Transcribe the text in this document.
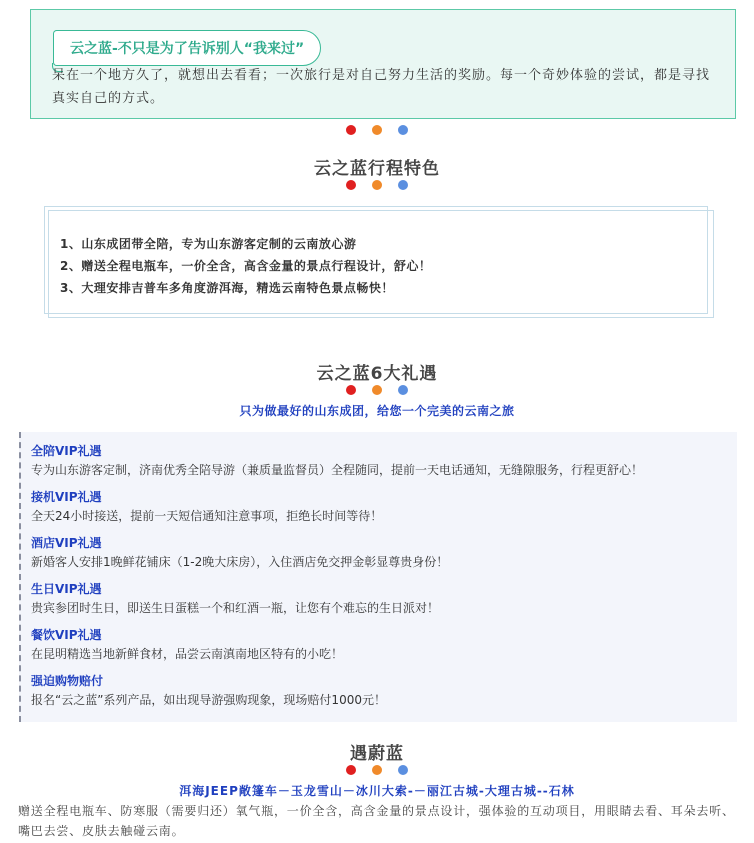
云之蓝-不只是为了告诉别人“我来过”
呆在一个地方久了，就想出去看看；一次旅行是对自己努力生活的奖励。每一个奇妙体验的尝试，都是寻找真实自己的方式。
云之蓝行程特色
1、山东成团带全陪，专为山东游客定制的云南放心游
2、赠送全程电瓶车，一价全含，高含金量的景点行程设计，舒心！
3、大理安排吉普车多角度游洱海，精选云南特色景点畅快！
云之蓝6大礼遇
只为做最好的山东成团，给您一个完美的云南之旅
全陪VIP礼遇
专为山东游客定制，济南优秀全陪导游（兼质量监督员）全程随同，提前一天电话通知，无缝隙服务，行程更舒心！
接机VIP礼遇
全天24小时接送，提前一天短信通知注意事项，拒绝长时间等待！
酒店VIP礼遇
新婚客人安排1晚鲜花铺床（1-2晚大床房），入住酒店免交押金彰显尊贵身份！
生日VIP礼遇
贵宾参团时生日，即送生日蛋糕一个和红酒一瓶，让您有个难忘的生日派对！
餐饮VIP礼遇
在昆明精选当地新鲜食材，品尝云南滇南地区特有的小吃！
强迫购物赔付
报名“云之蓝”系列产品，如出现导游强购现象，现场赔付1000元！
遇蔚蓝
洱海JEEP敞篷车－玉龙雪山－冰川大索-－丽江古城-大理古城--石林
赠送全程电瓶车、防寒服（需要归还）氧气瓶，一价全含，高含金量的景点设计，强体验的互动项目，用眼睛去看、耳朵去听、嘴巴去尝、皮肤去触碰云南。
